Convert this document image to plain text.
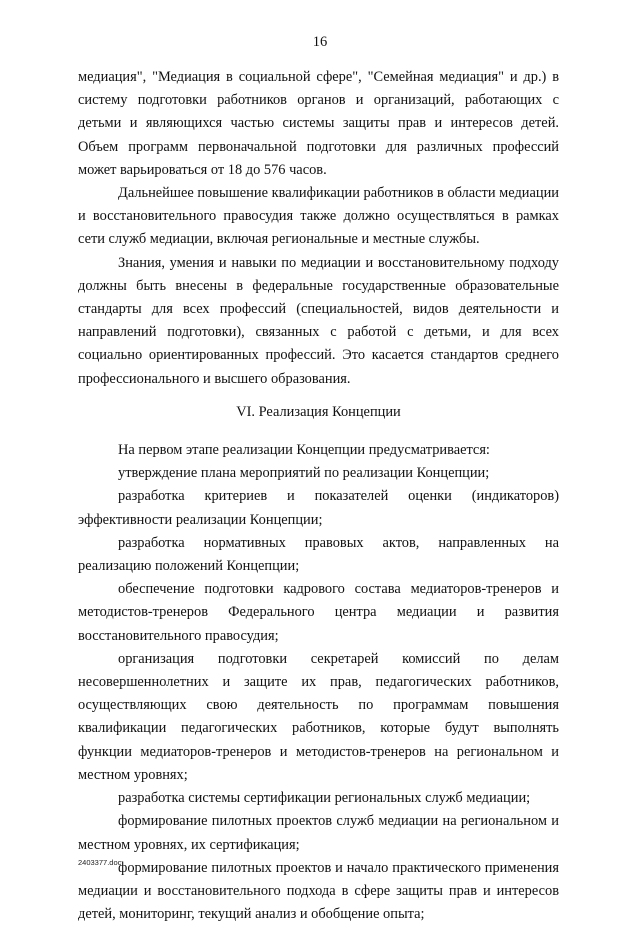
16

медиация", "Медиация в социальной сфере", "Семейная медиация" и др.) в систему подготовки работников органов и организаций, работающих с детьми и являющихся частью системы защиты прав и интересов детей. Объем программ первоначальной подготовки для различных профессий может варьироваться от 18 до 576 часов.

Дальнейшее повышение квалификации работников в области медиации и восстановительного правосудия также должно осуществляться в рамках сети служб медиации, включая региональные и местные службы.

Знания, умения и навыки по медиации и восстановительному подходу должны быть внесены в федеральные государственные образовательные стандарты для всех профессий (специальностей, видов деятельности и направлений подготовки), связанных с работой с детьми, и для всех социально ориентированных профессий. Это касается стандартов среднего профессионального и высшего образования.

VI. Реализация Концепции

На первом этапе реализации Концепции предусматривается:

утверждение плана мероприятий по реализации Концепции;

разработка критериев и показателей оценки (индикаторов) эффективности реализации Концепции;

разработка нормативных правовых актов, направленных на реализацию положений Концепции;

обеспечение подготовки кадрового состава медиаторов-тренеров и методистов-тренеров Федерального центра медиации и развития восстановительного правосудия;

организация подготовки секретарей комиссий по делам несовершеннолетних и защите их прав, педагогических работников, осуществляющих свою деятельность по программам повышения квалификации педагогических работников, которые будут выполнять функции медиаторов-тренеров и методистов-тренеров на региональном и местном уровнях;

разработка системы сертификации региональных служб медиации;

формирование пилотных проектов служб медиации на региональном и местном уровнях, их сертификация;

формирование пилотных проектов и начало практического применения медиации и восстановительного подхода в сфере защиты прав и интересов детей, мониторинг, текущий анализ и обобщение опыта;

2403377.doc
